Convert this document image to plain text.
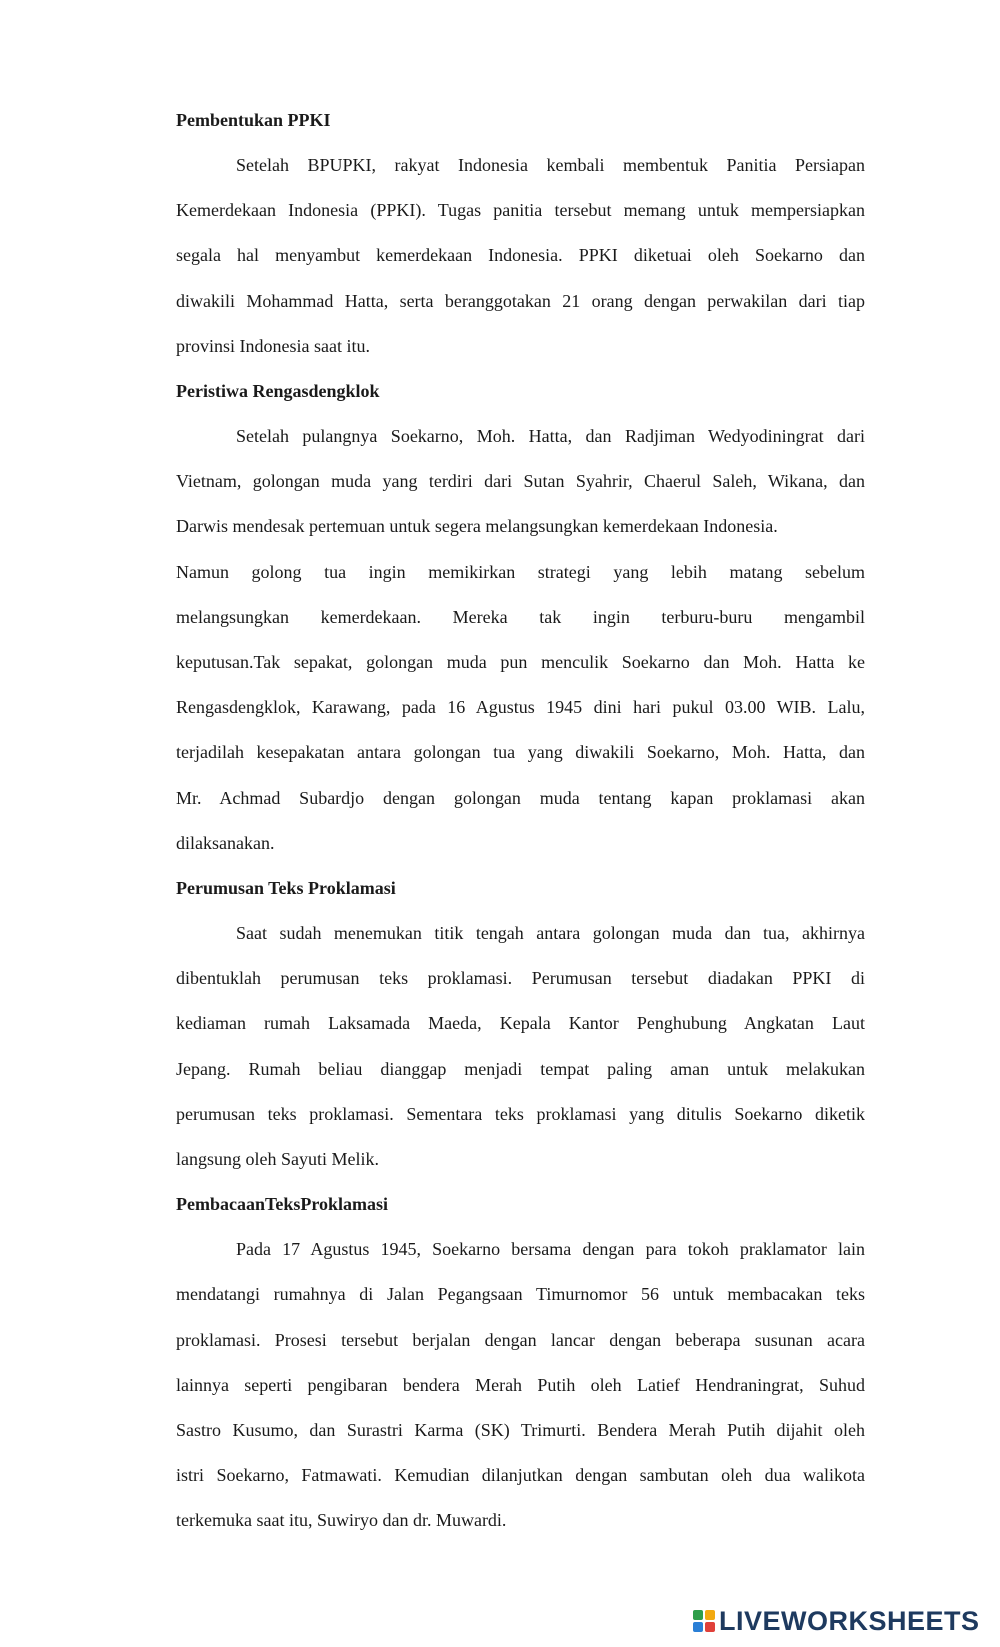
Pembentukan PPKI
Setelah BPUPKI, rakyat Indonesia kembali membentuk Panitia Persiapan
Kemerdekaan Indonesia (PPKI). Tugas panitia tersebut memang untuk mempersiapkan
segala hal menyambut kemerdekaan Indonesia. PPKI diketuai oleh Soekarno dan
diwakili Mohammad Hatta, serta beranggotakan 21 orang dengan perwakilan dari tiap
provinsi Indonesia saat itu.
Peristiwa Rengasdengklok
Setelah pulangnya Soekarno, Moh. Hatta, dan Radjiman Wedyodiningrat dari
Vietnam, golongan muda yang terdiri dari Sutan Syahrir, Chaerul Saleh, Wikana, dan
Darwis mendesak pertemuan untuk segera melangsungkan kemerdekaan Indonesia.
Namun golong tua ingin memikirkan strategi yang lebih matang sebelum
melangsungkan kemerdekaan. Mereka tak ingin terburu-buru mengambil
keputusan.Tak sepakat, golongan muda pun menculik Soekarno dan Moh. Hatta ke
Rengasdengklok, Karawang, pada 16 Agustus 1945 dini hari pukul 03.00 WIB. Lalu,
terjadilah kesepakatan antara golongan tua yang diwakili Soekarno, Moh. Hatta, dan
Mr. Achmad Subardjo dengan golongan muda tentang kapan proklamasi akan
dilaksanakan.
Perumusan Teks Proklamasi
Saat sudah menemukan titik tengah antara golongan muda dan tua, akhirnya
dibentuklah perumusan teks proklamasi. Perumusan tersebut diadakan PPKI di
kediaman rumah Laksamada Maeda, Kepala Kantor Penghubung Angkatan Laut
Jepang. Rumah beliau dianggap menjadi tempat paling aman untuk melakukan
perumusan teks proklamasi. Sementara teks proklamasi yang ditulis Soekarno diketik
langsung oleh Sayuti Melik.
PembacaanTeksProklamasi
Pada 17 Agustus 1945, Soekarno bersama dengan para tokoh praklamator lain
mendatangi rumahnya di Jalan Pegangsaan Timurnomor 56 untuk membacakan teks
proklamasi. Prosesi tersebut berjalan dengan lancar dengan beberapa susunan acara
lainnya seperti pengibaran bendera Merah Putih oleh Latief Hendraningrat, Suhud
Sastro Kusumo, dan Surastri Karma (SK) Trimurti. Bendera Merah Putih dijahit oleh
istri Soekarno, Fatmawati. Kemudian dilanjutkan dengan sambutan oleh dua walikota
terkemuka saat itu, Suwiryo dan dr. Muwardi.
LIVEWORKSHEETS
